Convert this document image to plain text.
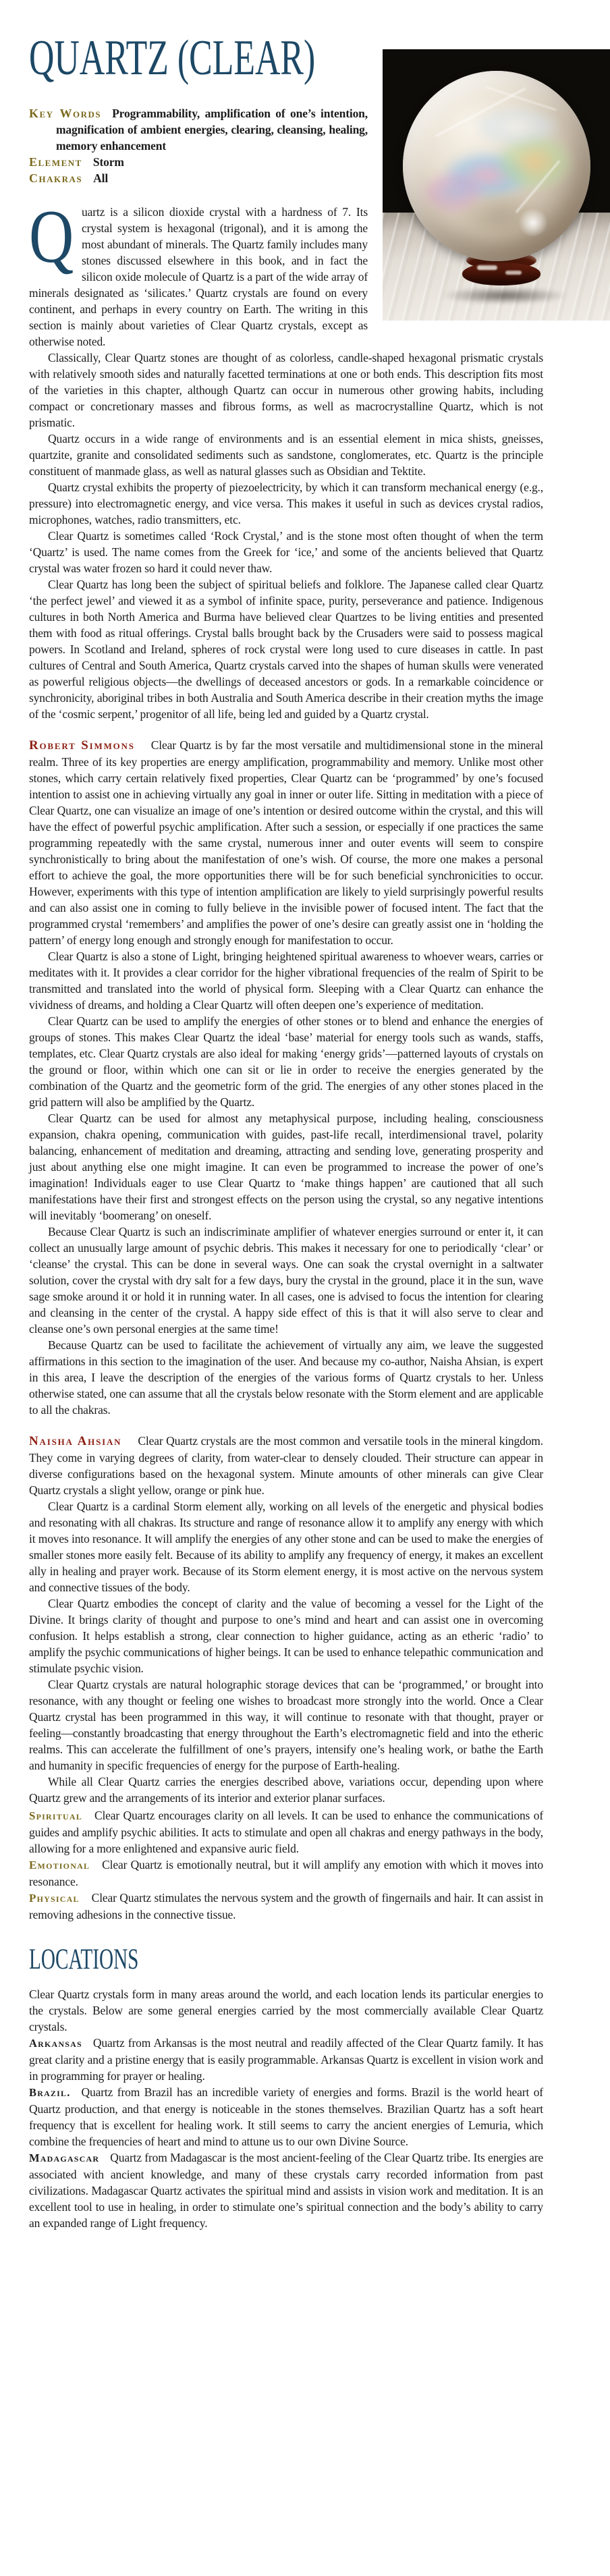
QUARTZ (CLEAR)

Key Words Programmability, amplification of one’s intention, magnification of ambient energies, clearing, cleansing, healing, memory enhancement

Element Storm

Chakras All

Quartz is a silicon dioxide crystal with a hardness of 7. Its crystal system is hexagonal (trigonal), and it is among the most abundant of minerals. The Quartz family includes many stones discussed elsewhere in this book, and in fact the silicon oxide molecule of Quartz is a part of the wide array of minerals designated as ‘silicates.’ Quartz crystals are found on every continent, and perhaps in every country on Earth. The writing in this section is mainly about varieties of Clear Quartz crystals, except as otherwise noted.

Classically, Clear Quartz stones are thought of as colorless, candle-shaped hexagonal prismatic crystals with relatively smooth sides and naturally facetted terminations at one or both ends. This description fits most of the varieties in this chapter, although Quartz can occur in numerous other growing habits, including compact or concretionary masses and fibrous forms, as well as macrocrystalline Quartz, which is not prismatic.

Quartz occurs in a wide range of environments and is an essential element in mica shists, gneisses, quartzite, granite and consolidated sediments such as sandstone, conglomerates, etc. Quartz is the principle constituent of manmade glass, as well as natural glasses such as Obsidian and Tektite.

Quartz crystal exhibits the property of piezoelectricity, by which it can transform mechanical energy (e.g., pressure) into electromagnetic energy, and vice versa. This makes it useful in such as devices crystal radios, microphones, watches, radio transmitters, etc.

Clear Quartz is sometimes called ‘Rock Crystal,’ and is the stone most often thought of when the term ‘Quartz’ is used. The name comes from the Greek for ‘ice,’ and some of the ancients believed that Quartz crystal was water frozen so hard it could never thaw.

Clear Quartz has long been the subject of spiritual beliefs and folklore. The Japanese called clear Quartz ‘the perfect jewel’ and viewed it as a symbol of infinite space, purity, perseverance and patience. Indigenous cultures in both North America and Burma have believed clear Quartzes to be living entities and presented them with food as ritual offerings. Crystal balls brought back by the Crusaders were said to possess magical powers. In Scotland and Ireland, spheres of rock crystal were long used to cure diseases in cattle. In past cultures of Central and South America, Quartz crystals carved into the shapes of human skulls were venerated as powerful religious objects—the dwellings of deceased ancestors or gods. In a remarkable coincidence or synchronicity, aboriginal tribes in both Australia and South America describe in their creation myths the image of the ‘cosmic serpent,’ progenitor of all life, being led and guided by a Quartz crystal.

Robert Simmons Clear Quartz is by far the most versatile and multidimensional stone in the mineral realm. Three of its key properties are energy amplification, programmability and memory. Unlike most other stones, which carry certain relatively fixed properties, Clear Quartz can be ‘programmed’ by one’s focused intention to assist one in achieving virtually any goal in inner or outer life. Sitting in meditation with a piece of Clear Quartz, one can visualize an image of one’s intention or desired outcome within the crystal, and this will have the effect of powerful psychic amplification. After such a session, or especially if one practices the same programming repeatedly with the same crystal, numerous inner and outer events will seem to conspire synchronistically to bring about the manifestation of one’s wish. Of course, the more one makes a personal effort to achieve the goal, the more opportunities there will be for such beneficial synchronicities to occur. However, experiments with this type of intention amplification are likely to yield surprisingly powerful results and can also assist one in coming to fully believe in the invisible power of focused intent. The fact that the programmed crystal ‘remembers’ and amplifies the power of one’s desire can greatly assist one in ‘holding the pattern’ of energy long enough and strongly enough for manifestation to occur.

Clear Quartz is also a stone of Light, bringing heightened spiritual awareness to whoever wears, carries or meditates with it. It provides a clear corridor for the higher vibrational frequencies of the realm of Spirit to be transmitted and translated into the world of physical form. Sleeping with a Clear Quartz can enhance the vividness of dreams, and holding a Clear Quartz will often deepen one’s experience of meditation.

Clear Quartz can be used to amplify the energies of other stones or to blend and enhance the energies of groups of stones. This makes Clear Quartz the ideal ‘base’ material for energy tools such as wands, staffs, templates, etc. Clear Quartz crystals are also ideal for making ‘energy grids’—patterned layouts of crystals on the ground or floor, within which one can sit or lie in order to receive the energies generated by the combination of the Quartz and the geometric form of the grid. The energies of any other stones placed in the grid pattern will also be amplified by the Quartz.

Clear Quartz can be used for almost any metaphysical purpose, including healing, consciousness expansion, chakra opening, communication with guides, past-life recall, interdimensional travel, polarity balancing, enhancement of meditation and dreaming, attracting and sending love, generating prosperity and just about anything else one might imagine. It can even be programmed to increase the power of one’s imagination! Individuals eager to use Clear Quartz to ‘make things happen’ are cautioned that all such manifestations have their first and strongest effects on the person using the crystal, so any negative intentions will inevitably ‘boomerang’ on oneself.

Because Clear Quartz is such an indiscriminate amplifier of whatever energies surround or enter it, it can collect an unusually large amount of psychic debris. This makes it necessary for one to periodically ‘clear’ or ‘cleanse’ the crystal. This can be done in several ways. One can soak the crystal overnight in a saltwater solution, cover the crystal with dry salt for a few days, bury the crystal in the ground, place it in the sun, wave sage smoke around it or hold it in running water. In all cases, one is advised to focus the intention for clearing and cleansing in the center of the crystal. A happy side effect of this is that it will also serve to clear and cleanse one’s own personal energies at the same time!

Because Quartz can be used to facilitate the achievement of virtually any aim, we leave the suggested affirmations in this section to the imagination of the user. And because my co-author, Naisha Ahsian, is expert in this area, I leave the description of the energies of the various forms of Quartz crystals to her. Unless otherwise stated, one can assume that all the crystals below resonate with the Storm element and are applicable to all the chakras.

Naisha Ahsian Clear Quartz crystals are the most common and versatile tools in the mineral kingdom. They come in varying degrees of clarity, from water-clear to densely clouded. Their structure can appear in diverse configurations based on the hexagonal system. Minute amounts of other minerals can give Clear Quartz crystals a slight yellow, orange or pink hue.

Clear Quartz is a cardinal Storm element ally, working on all levels of the energetic and physical bodies and resonating with all chakras. Its structure and range of resonance allow it to amplify any energy with which it moves into resonance. It will amplify the energies of any other stone and can be used to make the energies of smaller stones more easily felt. Because of its ability to amplify any frequency of energy, it makes an excellent ally in healing and prayer work. Because of its Storm element energy, it is most active on the nervous system and connective tissues of the body.

Clear Quartz embodies the concept of clarity and the value of becoming a vessel for the Light of the Divine. It brings clarity of thought and purpose to one’s mind and heart and can assist one in overcoming confusion. It helps establish a strong, clear connection to higher guidance, acting as an etheric ‘radio’ to amplify the psychic communications of higher beings. It can be used to enhance telepathic communication and stimulate psychic vision.

Clear Quartz crystals are natural holographic storage devices that can be ‘programmed,’ or brought into resonance, with any thought or feeling one wishes to broadcast more strongly into the world. Once a Clear Quartz crystal has been programmed in this way, it will continue to resonate with that thought, prayer or feeling—constantly broadcasting that energy throughout the Earth’s electromagnetic field and into the etheric realms. This can accelerate the fulfillment of one’s prayers, intensify one’s healing work, or bathe the Earth and humanity in specific frequencies of energy for the purpose of Earth-healing.

While all Clear Quartz carries the energies described above, variations occur, depending upon where Quartz grew and the arrangements of its interior and exterior planar surfaces.

Spiritual Clear Quartz encourages clarity on all levels. It can be used to enhance the communications of guides and amplify psychic abilities. It acts to stimulate and open all chakras and energy pathways in the body, allowing for a more enlightened and expansive auric field.

Emotional Clear Quartz is emotionally neutral, but it will amplify any emotion with which it moves into resonance.

Physical Clear Quartz stimulates the nervous system and the growth of fingernails and hair. It can assist in removing adhesions in the connective tissue.

LOCATIONS

Clear Quartz crystals form in many areas around the world, and each location lends its particular energies to the crystals. Below are some general energies carried by the most commercially available Clear Quartz crystals.

Arkansas Quartz from Arkansas is the most neutral and readily affected of the Clear Quartz family. It has great clarity and a pristine energy that is easily programmable. Arkansas Quartz is excellent in vision work and in programming for prayer or healing.

Brazil. Quartz from Brazil has an incredible variety of energies and forms. Brazil is the world heart of Quartz production, and that energy is noticeable in the stones themselves. Brazilian Quartz has a soft heart frequency that is excellent for healing work. It still seems to carry the ancient energies of Lemuria, which combine the frequencies of heart and mind to attune us to our own Divine Source.

Madagascar Quartz from Madagascar is the most ancient-feeling of the Clear Quartz tribe. Its energies are associated with ancient knowledge, and many of these crystals carry recorded information from past civilizations. Madagascar Quartz activates the spiritual mind and assists in vision work and meditation. It is an excellent tool to use in healing, in order to stimulate one’s spiritual connection and the body’s ability to carry an expanded range of Light frequency.
